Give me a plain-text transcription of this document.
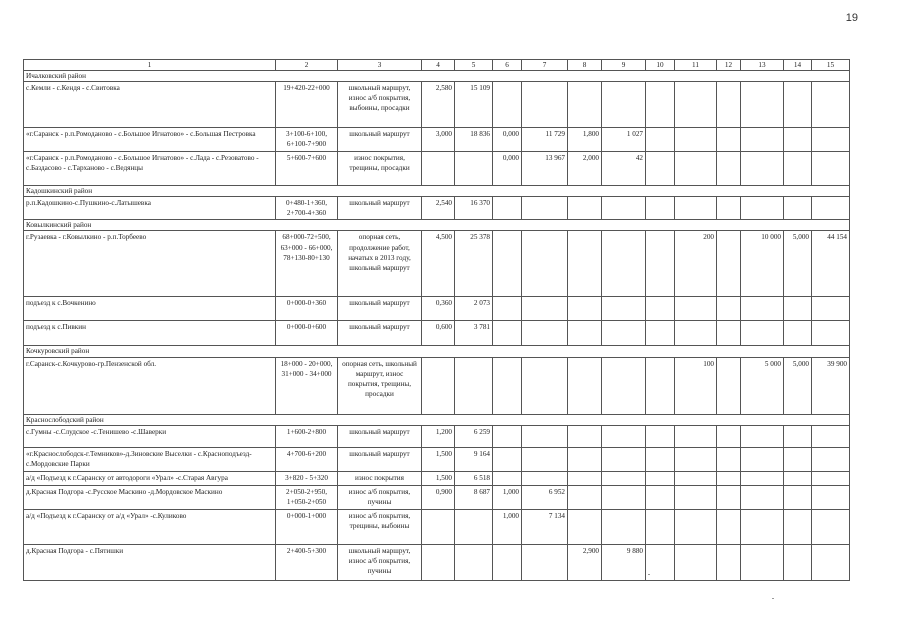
19
1	2	3	4	5	6	7	8	9	10	11	12	13	14	15
Ичалковский район														
с.Кемли - с.Кендя - с.Свитовка	19+420-22+000	школьный маршрут, износ а/б покрытия, выбоины, просадки	2,580	15 109										
«г.Саранск - р.п.Ромоданово - с.Большое Игнатово» - с.Большая Пестровка	3+100-6+100, 6+100-7+900	школьный маршрут	3,000	18 836	0,000	11 729	1,800	1 027						
«г.Саранск - р.п.Ромоданово - с.Большое Игнатово» - с.Лада - с.Резоватово - с.Баздасово - с.Тарханово - с.Ведянцы	5+600-7+600	износ покрытия, трещины, просадки			0,000	13 967	2,000	42						
Кадошкинский район														
р.п.Кадошкино-с.Пушкино-с.Латышевка	0+480-1+360, 2+700-4+360	школьный маршрут	2,540	16 370										
Ковылкинский район														
г.Рузаевка - г.Ковылкино - р.п.Торбеево	68+000-72+500, 63+000 - 66+000, 78+130-80+130	опорная сеть, продолжение работ, начатых в 2013 году, школьный маршрут	4,500	25 378						200		10 000	5,000	44 154
подъезд к с.Вочкенино	0+000-0+360	школьный маршрут	0,360	2 073										
подъезд к с.Пивкин	0+000-0+600	школьный маршрут	0,600	3 781										
Кочкуровский район														
г.Саранск-с.Кочкурово-гр.Пензенской обл.	18+000 - 20+000, 31+000 - 34+000	опорная сеть, школьный маршрут, износ покрытия, трещины, просадки								100		5 000	5,000	39 900
Краснослободский район														
с.Гумны -с.Слудское -с.Тенишево -с.Шаверки	1+600-2+800	школьный маршрут	1,200	6 259										
«г.Краснослободск-г.Темников»-д.Зиновские Выселки - с.Красноподъезд-с.Мордовские Парки	4+700-6+200	школьный маршрут	1,500	9 164										
а/д «Подъезд к г.Саранску от автодороги «Урал» -с.Старая Авгура	3+820 - 5+320	износ покрытия	1,500	6 518										
д.Красная Подгора -с.Русское Маскино -д.Мордовское Маскино	2+050-2+950, 1+050-2+050	износ а/б покрытия, пучины	0,900	8 687	1,000	6 952								
а/д «Подъезд к г.Саранску от а/д «Урал» -с.Куликово	0+000-1+000	износ а/б покрытия, трещины, выбоины			1,000	7 134								
д.Красная Подгора - с.Пятишки	2+400-5+300	школьный маршрут, износ а/б покрытия, пучины					2,900	9 880						
